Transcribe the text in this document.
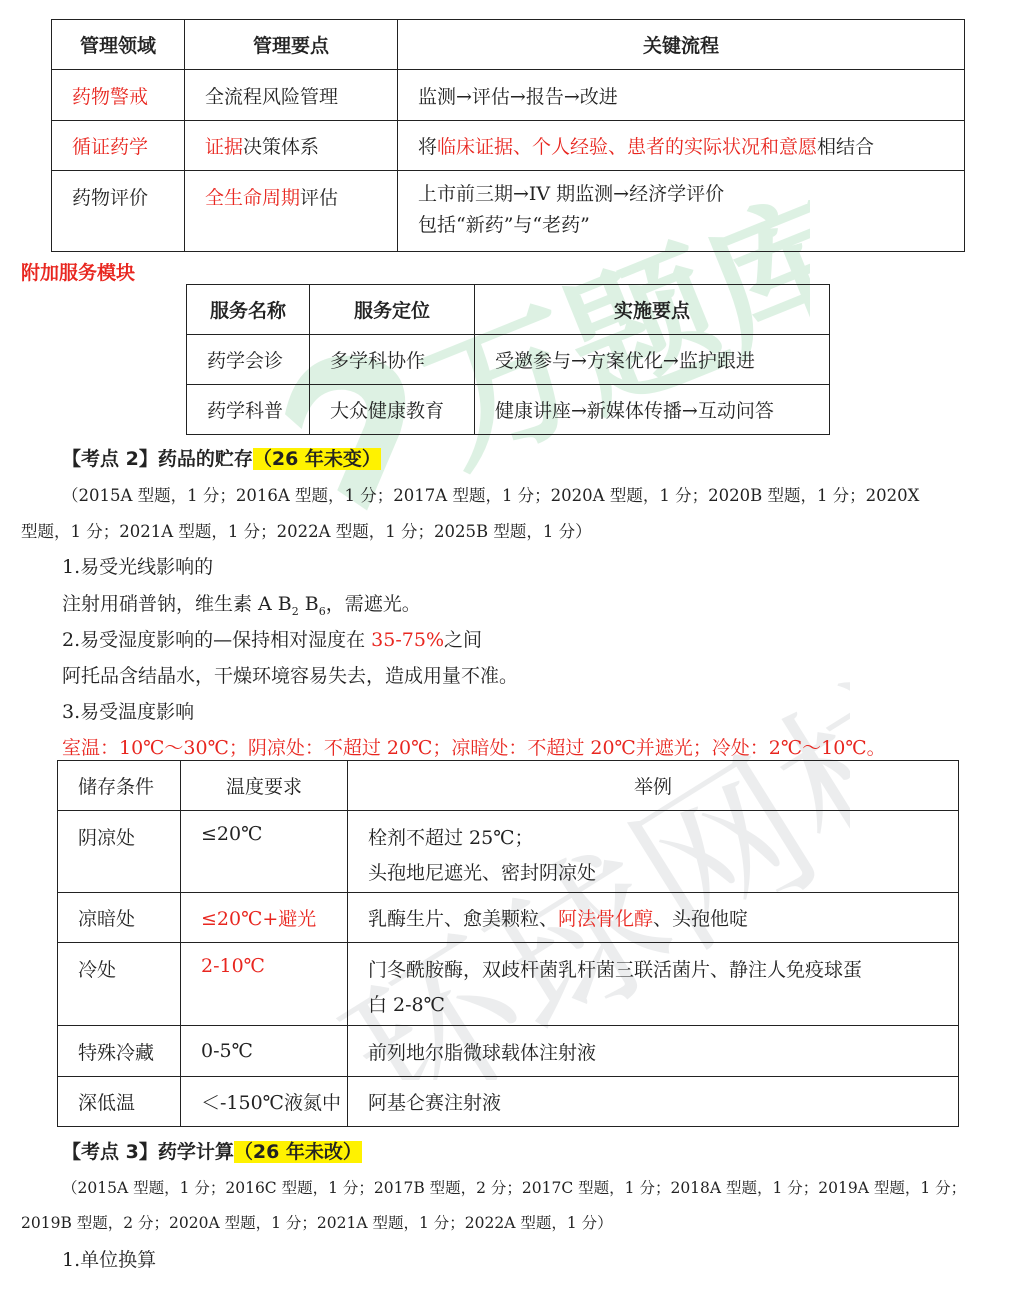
万题库
环球网校
管理领域	管理要点	关键流程
药物警戒	全流程风险管理	监测→评估→报告→改进
循证药学	证据决策体系	将临床证据、个人经验、患者的实际状况和意愿相结合
药物评价	全生命周期评估	上市前三期→IV 期监测→经济学评价
包括“新药”与“老药”
附加服务模块
服务名称	服务定位	实施要点
药学会诊	多学科协作	受邀参与→方案优化→监护跟进
药学科普	大众健康教育	健康讲座→新媒体传播→互动问答
【考点 2】药品的贮存（26 年未变）
（2015A 型题，1 分；2016A 型题，1 分；2017A 型题，1 分；2020A 型题，1 分；2020B 型题，1 分；2020X
型题，1 分；2021A 型题，1 分；2022A 型题，1 分；2025B 型题，1 分）
1.易受光线影响的
注射用硝普钠，维生素 A $B_2$ $B_6$，需遮光。
2.易受湿度影响的—保持相对湿度在 35-75%之间
阿托品含结晶水，干燥环境容易失去，造成用量不准。
3.易受温度影响
室温：10℃～30℃；阴凉处：不超过 20℃；凉暗处：不超过 20℃并遮光；冷处：2℃～10℃。
储存条件	温度要求	举例
阴凉处	≤20℃	栓剂不超过 25℃；
头孢地尼遮光、密封阴凉处

凉暗处	≤20℃+避光	乳酶生片、愈美颗粒、阿法骨化醇、头孢他啶
冷处	2-10℃	门冬酰胺酶，双歧杆菌乳杆菌三联活菌片、静注人免疫球蛋
白 2-8℃

特殊冷藏	0-5℃	前列地尔脂微球载体注射液
深低温	＜-150℃液氮中	阿基仑赛注射液
【考点 3】药学计算（26 年未改）
（2015A 型题，1 分；2016C 型题，1 分；2017B 型题，2 分；2017C 型题，1 分；2018A 型题，1 分；2019A 型题，1 分；
2019B 型题，2 分；2020A 型题，1 分；2021A 型题，1 分；2022A 型题，1 分）
1.单位换算
